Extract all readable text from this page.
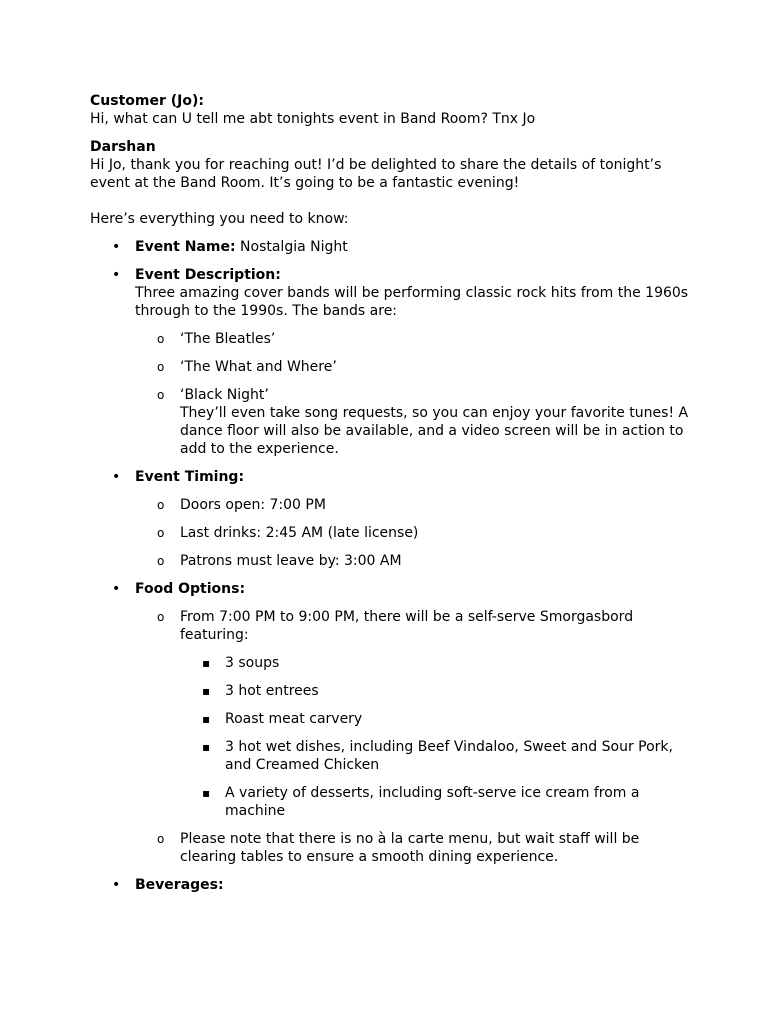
Customer (Jo):

Hi, what can U tell me abt tonights event in Band Room? Tnx Jo

Darshan

Hi Jo, thank you for reaching out! I’d be delighted to share the details of tonight’s event at the Band Room. It’s going to be a fantastic evening!

Here’s everything you need to know:

• Event Name: Nostalgia Night
• Event Description:
Three amazing cover bands will be performing classic rock hits from the 1960s through to the 1990s. The bands are:
o ‘The Bleatles’
o ‘The What and Where’
o ‘Black Night’
They’ll even take song requests, so you can enjoy your favorite tunes! A dance floor will also be available, and a video screen will be in action to add to the experience.
• Event Timing:
o Doors open: 7:00 PM
o Last drinks: 2:45 AM (late license)
o Patrons must leave by: 3:00 AM
• Food Options:
o From 7:00 PM to 9:00 PM, there will be a self-serve Smorgasbord featuring:
▪ 3 soups
▪ 3 hot entrees
▪ Roast meat carvery
▪ 3 hot wet dishes, including Beef Vindaloo, Sweet and Sour Pork, and Creamed Chicken
▪ A variety of desserts, including soft-serve ice cream from a machine
o Please note that there is no à la carte menu, but wait staff will be clearing tables to ensure a smooth dining experience.
• Beverages:
